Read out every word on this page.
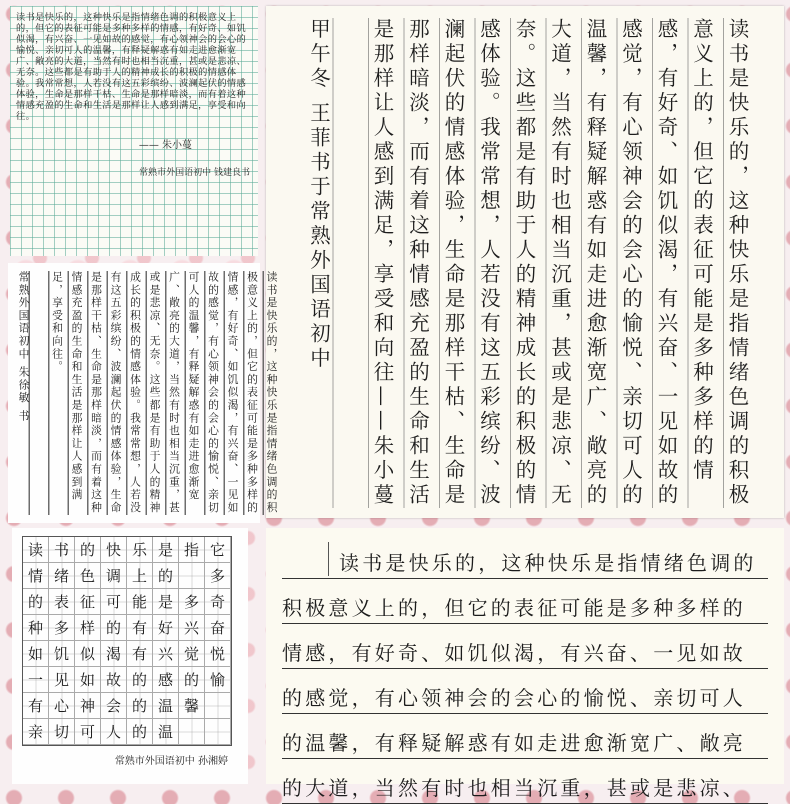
读书是快乐的，这种快乐是指情绪色调的积极意义上的，但它的表征可能是多种多样的情感，有好奇、如饥似渴，有兴奋、一见如故的感觉，有心领神会的会心的愉悦、亲切可人的温馨，有释疑解惑有如走进愈渐宽广、敞亮的大道，当然有时也相当沉重，甚或是悲凉、无奈。这些都是有助于人的精神成长的积极的情感体验。我常常想，人若没有这五彩缤纷、波澜起伏的情感体验，生命是那样干枯、生命是那样暗淡，而有着这种情感充盈的生命和生活是那样让人感到满足，享受和向往。

—— 朱小蔓

常熟市外国语初中 钱建良书	读书是快乐的，这种快乐是指情绪色调的积极意义上的，但它的表征可能是多种多样的情感，有好奇、如饥似渴，有兴奋、一见如故的感觉，有心领神会的会心的愉悦、亲切可人的温馨，有释疑解惑有如走进愈渐宽广、敞亮的大道，当然有时也相当沉重，甚或是悲凉、无奈。这些都是有助于人的精神成长的积极的情感体验。我常常想，人若没有这五彩缤纷、波澜起伏的情感体验，生命是那样干枯、生命是那样暗淡，而有着这种情感充盈的生命和生活是那样让人感到满足，享受和向往——朱小蔓

甲午冬 王菲书于常熟外国语初中

读书是快乐的，这种快乐是指情绪色调的积极意义上的，但它的表征可能是多种多样的情感，有好奇、如饥似渴，有兴奋、一见如故的感觉，有心领神会的会心的愉悦、亲切可人的温馨，有释疑解惑有如走进愈渐宽广、敞亮的大道，当然有时也相当沉重，甚或是悲凉、无奈。这些都是有助于人的精神成长的积极的情感体验。我常常想，人若没有这五彩缤纷、波澜起伏的情感体验，生命是那样干枯、生命是那样暗淡，而有着这种情感充盈的生命和生活是那样让人感到满足，享受和向往。

常熟外国语初中 朱徐敏 书

读 书 的 快 乐 是 指 它
情 绪 色 调 上 的	多
的 表 征 可 能 是 多 奇
种 多 样 的 有 好 兴 奋
如 饥 似 渴 有 兴 觉 悦
一 见 如 故 的 感 的 愉
有 心 神 会 的 温 馨
亲 切 可 人 的 温

常熟市外国语初中 孙湘婷

读书是快乐的，这种快乐是指情绪色调的
积极意义上的，但它的表征可能是多种多样的
情感，有好奇、如饥似渴，有兴奋、一见如故
的感觉，有心领神会的会心的愉悦、亲切可人
的温馨，有释疑解惑有如走进愈渐宽广、敞亮
的大道，当然有时也相当沉重，甚或是悲凉、
